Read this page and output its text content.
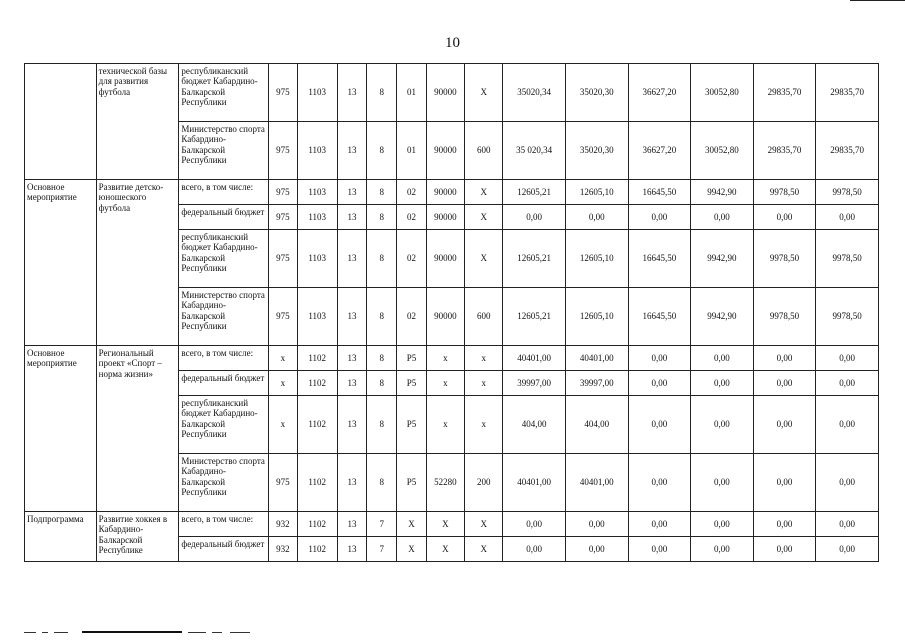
10
	технической базы для развития футбола	республиканский бюджет Кабардино-Балкарской Республики	975	1103	13	8	01	90000	Х	35020,34	35020,30	36627,20	30052,80	29835,70	29835,70
		Министерство спорта Кабардино-Балкарской Республики	975	1103	13	8	01	90000	600	35 020,34	35020,30	36627,20	30052,80	29835,70	29835,70
Основное мероприятие	Развитие детско-юношеского футбола	всего, в том числе:	975	1103	13	8	02	90000	Х	12605,21	12605,10	16645,50	9942,90	9978,50	9978,50
		федеральный бюджет	975	1103	13	8	02	90000	Х	0,00	0,00	0,00	0,00	0,00	0,00
		республиканский бюджет Кабардино-Балкарской Республики	975	1103	13	8	02	90000	Х	12605,21	12605,10	16645,50	9942,90	9978,50	9978,50
		Министерство спорта Кабардино-Балкарской Республики	975	1103	13	8	02	90000	600	12605,21	12605,10	16645,50	9942,90	9978,50	9978,50
Основное мероприятие	Региональный проект «Спорт – норма жизни»	всего, в том числе:	х	1102	13	8	P5	х	х	40401,00	40401,00	0,00	0,00	0,00	0,00
		федеральный бюджет	х	1102	13	8	P5	х	х	39997,00	39997,00	0,00	0,00	0,00	0,00
		республиканский бюджет Кабардино-Балкарской Республики	х	1102	13	8	P5	х	х	404,00	404,00	0,00	0,00	0,00	0,00
		Министерство спорта Кабардино-Балкарской Республики	975	1102	13	8	P5	52280	200	40401,00	40401,00	0,00	0,00	0,00	0,00
Подпрограмма	Развитие хоккея в Кабардино-Балкарской Республике	всего, в том числе:	932	1102	13	7	Х	Х	Х	0,00	0,00	0,00	0,00	0,00	0,00
		федеральный бюджет	932	1102	13	7	Х	Х	Х	0,00	0,00	0,00	0,00	0,00	0,00
